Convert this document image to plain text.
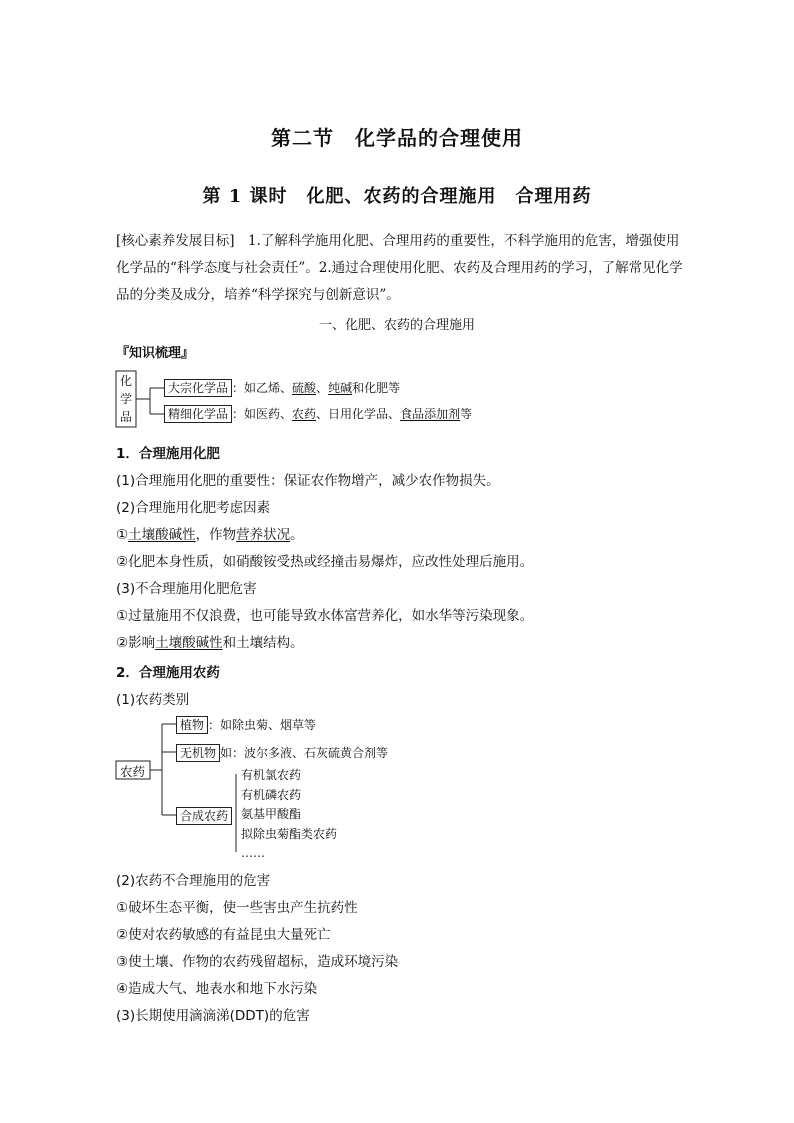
第二节　化学品的合理使用
第 1 课时　化肥、农药的合理施用　合理用药
[核心素养发展目标]　 1.了解科学施用化肥、合理用药的重要性，不科学施用的危害，增强使用化学品的“科学态度与社会责任”。2.通过合理使用化肥、农药及合理用药的学习，了解常见化学品的分类及成分，培养“科学探究与创新意识”。
一、化肥、农药的合理施用
『知识梳理』
化
学
品
大宗化学品 ：如乙烯、硫酸、纯碱和化肥等
精细化学品 ：如医药、农药、日用化学品、食品添加剂等
1．合理施用化肥
(1)合理施用化肥的重要性：保证农作物增产，减少农作物损失。
(2)合理施用化肥考虑因素
①土壤酸碱性，作物营养状况。
②化肥本身性质，如硝酸铵受热或经撞击易爆炸，应改性处理后施用。
(3)不合理施用化肥危害
①过量施用不仅浪费，也可能导致水体富营养化，如水华等污染现象。
②影响土壤酸碱性和土壤结构。
2．合理施用农药
(1)农药类别
农药
植物 ：如除虫菊、烟草等
无机物 如：波尔多液、石灰硫黄合剂等
合成农药
有机氯农药
有机磷农药
氨基甲酸酯
拟除虫菊酯类农药
……
(2)农药不合理施用的危害
①破坏生态平衡，使一些害虫产生抗药性
②使对农药敏感的有益昆虫大量死亡
③使土壤、作物的农药残留超标，造成环境污染
④造成大气、地表水和地下水污染
(3)长期使用滴滴涕(DDT)的危害
